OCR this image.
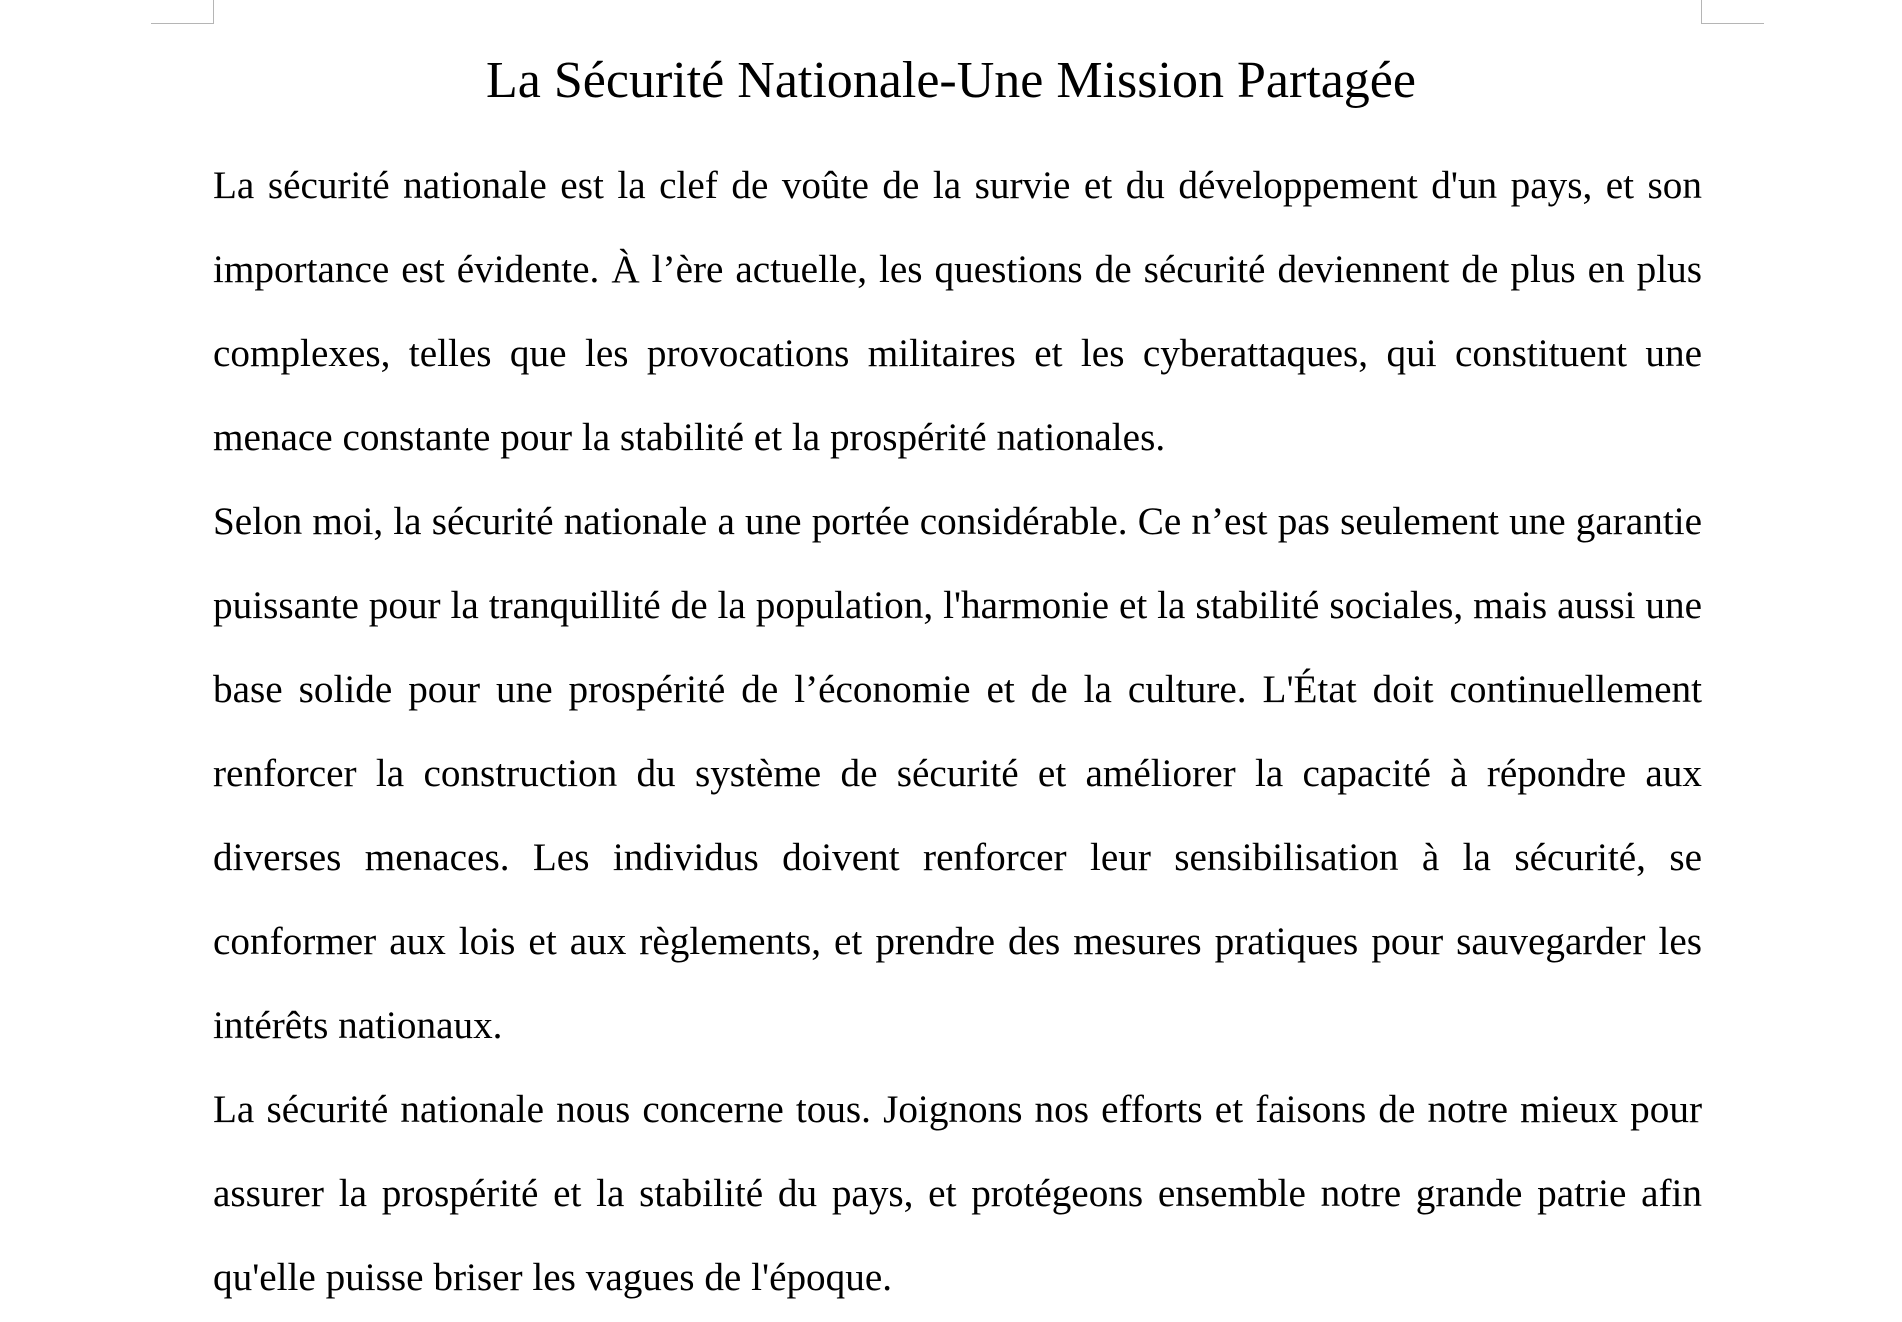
La Sécurité Nationale-Une Mission Partagée

La sécurité nationale est la clef de voûte de la survie et du développement d'un pays, et son importance est évidente. À l’ère actuelle, les questions de sécurité deviennent de plus en plus complexes, telles que les provocations militaires et les cyberattaques, qui constituent une menace constante pour la stabilité et la prospérité nationales.

Selon moi, la sécurité nationale a une portée considérable. Ce n’est pas seulement une garantie puissante pour la tranquillité de la population, l'harmonie et la stabilité sociales, mais aussi une base solide pour une prospérité de l’économie et de la culture. L'État doit continuellement renforcer la construction du système de sécurité et améliorer la capacité à répondre aux diverses menaces. Les individus doivent renforcer leur sensibilisation à la sécurité, se conformer aux lois et aux règlements, et prendre des mesures pratiques pour sauvegarder les intérêts nationaux.

La sécurité nationale nous concerne tous. Joignons nos efforts et faisons de notre mieux pour assurer la prospérité et la stabilité du pays, et protégeons ensemble notre grande patrie afin qu'elle puisse briser les vagues de l'époque.
